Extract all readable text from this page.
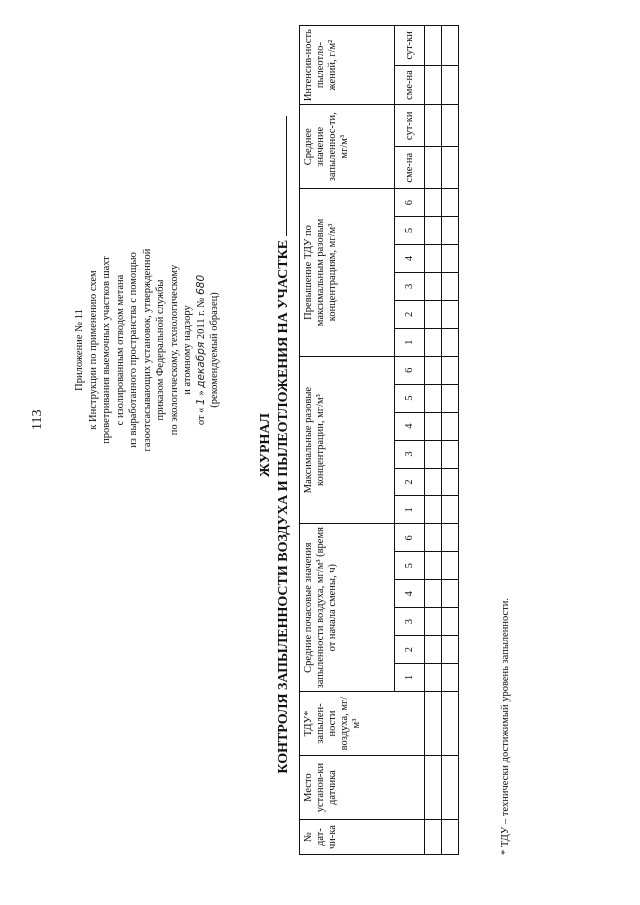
113
Приложение № 11 к Инструкции по применению схем проветривания выемочных участков шахт с изолированным отводом метана из выработанного пространства с помощью газоотсасывающих установок, утвержденной приказом Федеральной службы по экологическому, технологическому и атомному надзору
от « 1 » декабря 2011 г. № 680
(рекомендуемый образец)
ЖУРНАЛ КОНТРОЛЯ ЗАПЫЛЕННОСТИ ВОЗДУХА И ПЫЛЕОТЛОЖЕНИЯ НА УЧАСТКЕ
№ дат-чи-ка	Место установ-ки датчика	ТДУ* запылен-ности воздуха, мг/м³	Средние почасовые значения запыленности воздуха, мг/м³ (время от начала смены, ч)						Максимальные разовые концентрации, мг/м³						Превышение ТДУ по максимальным разовым концентрациям, мг/м³						Среднее значение запыленнос-ти, мг/м³		Интенсив-ность пылеотло-жений, г/м²	
			1	2	3	4	5	6	1	2	3	4	5	6	1	2	3	4	5	6	сме-на	сут-ки	сме-на	сут-ки

* ТДУ – технически достижимый уровень запыленности.
